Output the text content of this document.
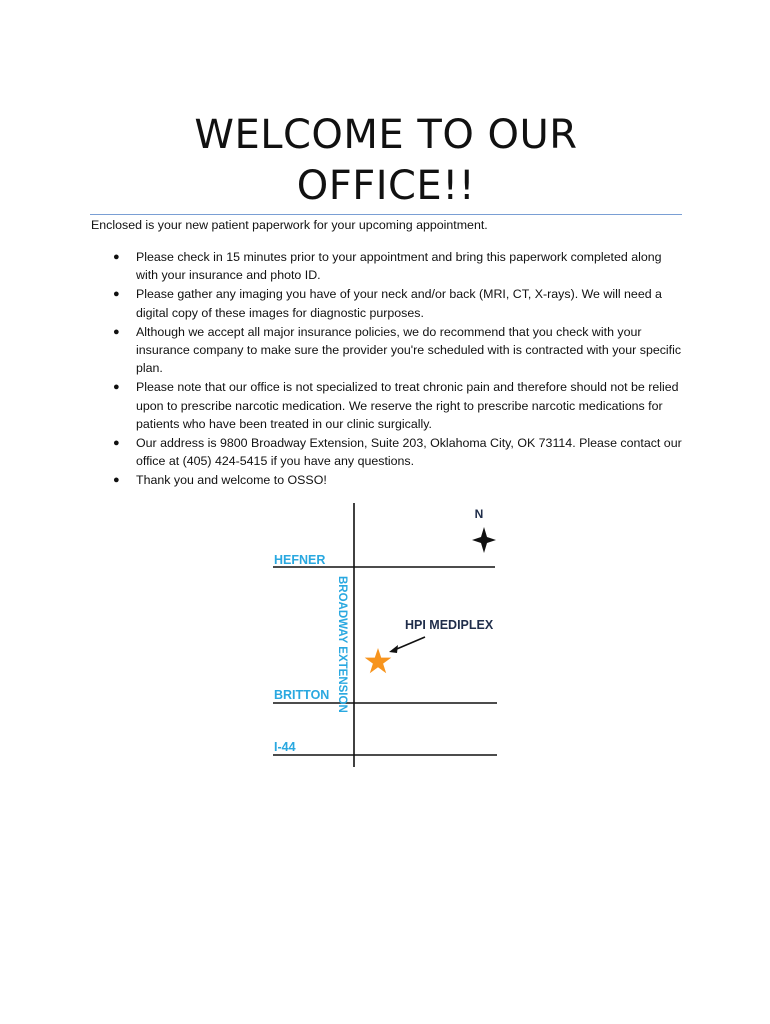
WELCOME TO OUR
OFFICE!!
Enclosed is your new patient paperwork for your upcoming appointment.
● Please check in 15 minutes prior to your appointment and bring this paperwork completed along with your insurance and photo ID.
● Please gather any imaging you have of your neck and/or back (MRI, CT, X-rays). We will need a digital copy of these images for diagnostic purposes.
● Although we accept all major insurance policies, we do recommend that you check with your insurance company to make sure the provider you're scheduled with is contracted with your specific plan.
● Please note that our office is not specialized to treat chronic pain and therefore should not be relied upon to prescribe narcotic medication. We reserve the right to prescribe narcotic medications for patients who have been treated in our clinic surgically.
● Our address is 9800 Broadway Extension, Suite 203, Oklahoma City, OK 73114. Please contact our office at (405) 424-5415 if you have any questions.
● Thank you and welcome to OSSO!
HEFNER
BRITTON
I-44
BROADWAY EXTENSION
N
HPI MEDIPLEX
